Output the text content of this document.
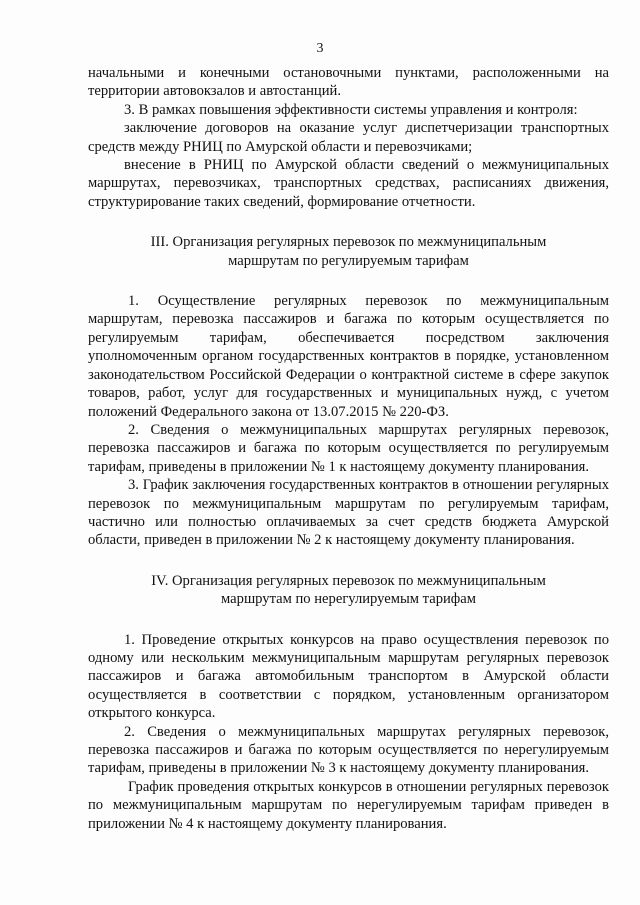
3

начальными и конечными остановочными пунктами, расположенными на территории автовокзалов и автостанций.

3. В рамках повышения эффективности системы управления и контроля:

заключение договоров на оказание услуг диспетчеризации транспортных средств между РНИЦ по Амурской области и перевозчиками;

внесение в РНИЦ по Амурской области сведений о межмуниципальных маршрутах, перевозчиках, транспортных средствах, расписаниях движения, структурирование таких сведений, формирование отчетности.

III. Организация регулярных перевозок по межмуниципальным маршрутам по регулируемым тарифам

1. Осуществление регулярных перевозок по межмуниципальным маршрутам, перевозка пассажиров и багажа по которым осуществляется по регулируемым тарифам, обеспечивается посредством заключения уполномоченным органом государственных контрактов в порядке, установленном законодательством Российской Федерации о контрактной системе в сфере закупок товаров, работ, услуг для государственных и муниципальных нужд, с учетом положений Федерального закона от 13.07.2015 № 220-ФЗ.

2. Сведения о межмуниципальных маршрутах регулярных перевозок, перевозка пассажиров и багажа по которым осуществляется по регулируемым тарифам, приведены в приложении № 1 к настоящему документу планирования.

3. График заключения государственных контрактов в отношении регулярных перевозок по межмуниципальным маршрутам по регулируемым тарифам, частично или полностью оплачиваемых за счет средств бюджета Амурской области, приведен в приложении № 2 к настоящему документу планирования.

IV. Организация регулярных перевозок по межмуниципальным маршрутам по нерегулируемым тарифам

1. Проведение открытых конкурсов на право осуществления перевозок по одному или нескольким межмуниципальным маршрутам регулярных перевозок пассажиров и багажа автомобильным транспортом в Амурской области осуществляется в соответствии с порядком, установленным организатором открытого конкурса.

2. Сведения о межмуниципальных маршрутах регулярных перевозок, перевозка пассажиров и багажа по которым осуществляется по нерегулируемым тарифам, приведены в приложении № 3 к настоящему документу планирования.

График проведения открытых конкурсов в отношении регулярных перевозок по межмуниципальным маршрутам по нерегулируемым тарифам приведен в приложении № 4 к настоящему документу планирования.
